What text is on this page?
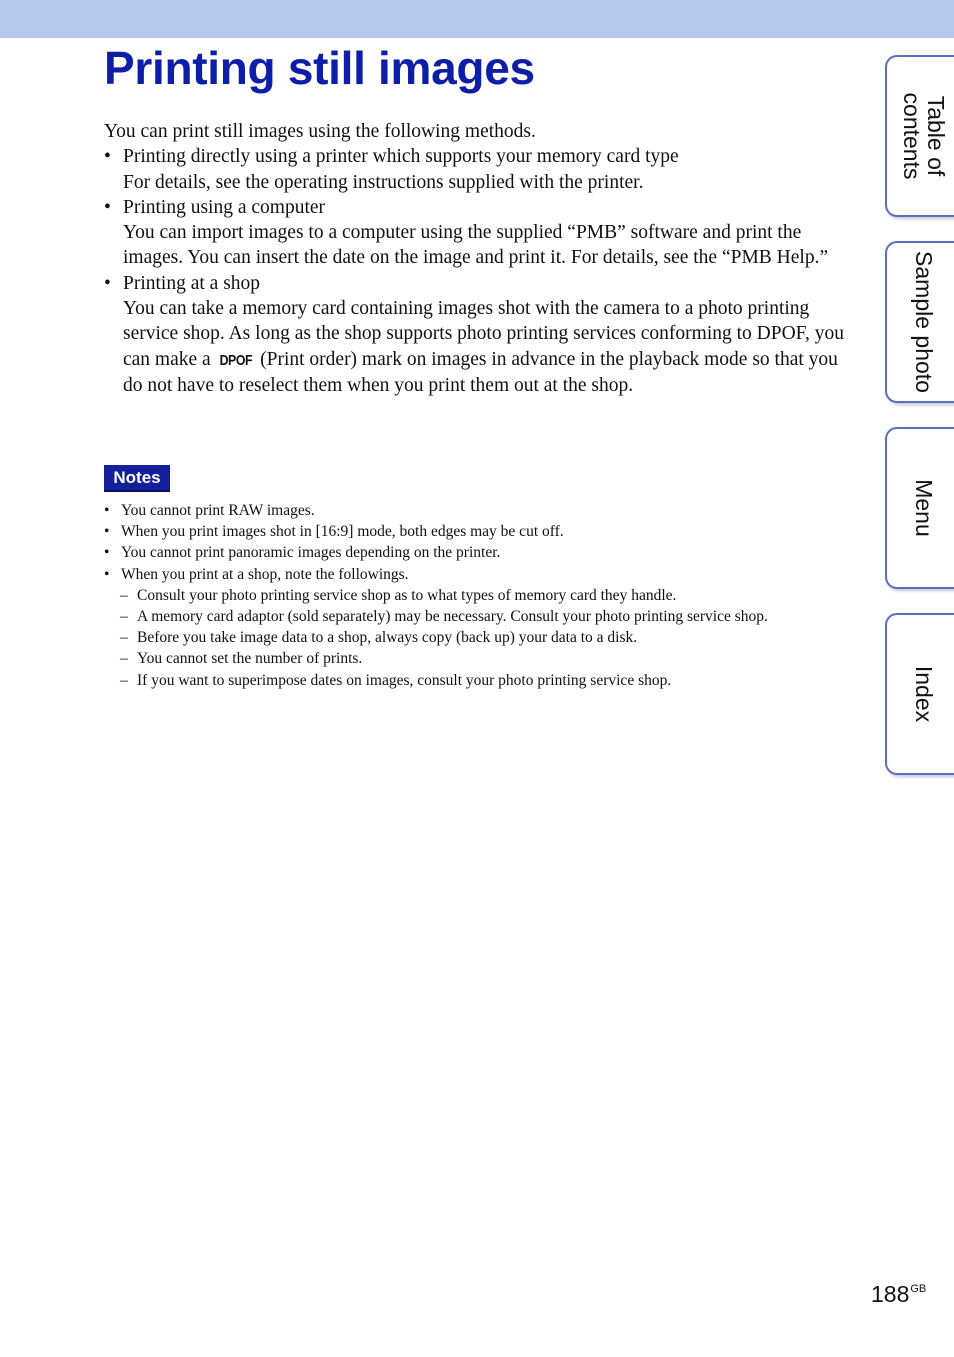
Printing still images

You can print still images using the following methods.

• Printing directly using a printer which supports your memory card type
For details, see the operating instructions supplied with the printer.
• Printing using a computer
You can import images to a computer using the supplied “PMB” software and print the images. You can insert the date on the image and print it. For details, see the “PMB Help.”
• Printing at a shop
You can take a memory card containing images shot with the camera to a photo printing service shop. As long as the shop supports photo printing services conforming to DPOF, you can make a DPOF (Print order) mark on images in advance in the playback mode so that you do not have to reselect them when you print them out at the shop.
Notes
• You cannot print RAW images.
• When you print images shot in [16:9] mode, both edges may be cut off.
• You cannot print panoramic images depending on the printer.
• When you print at a shop, note the followings.
– Consult your photo printing service shop as to what types of memory card they handle.
– A memory card adaptor (sold separately) may be necessary. Consult your photo printing service shop.
– Before you take image data to a shop, always copy (back up) your data to a disk.
– You cannot set the number of prints.
– If you want to superimpose dates on images, consult your photo printing service shop.
Table of
contents
Sample photo
Menu
Index
$188^{GB}$
